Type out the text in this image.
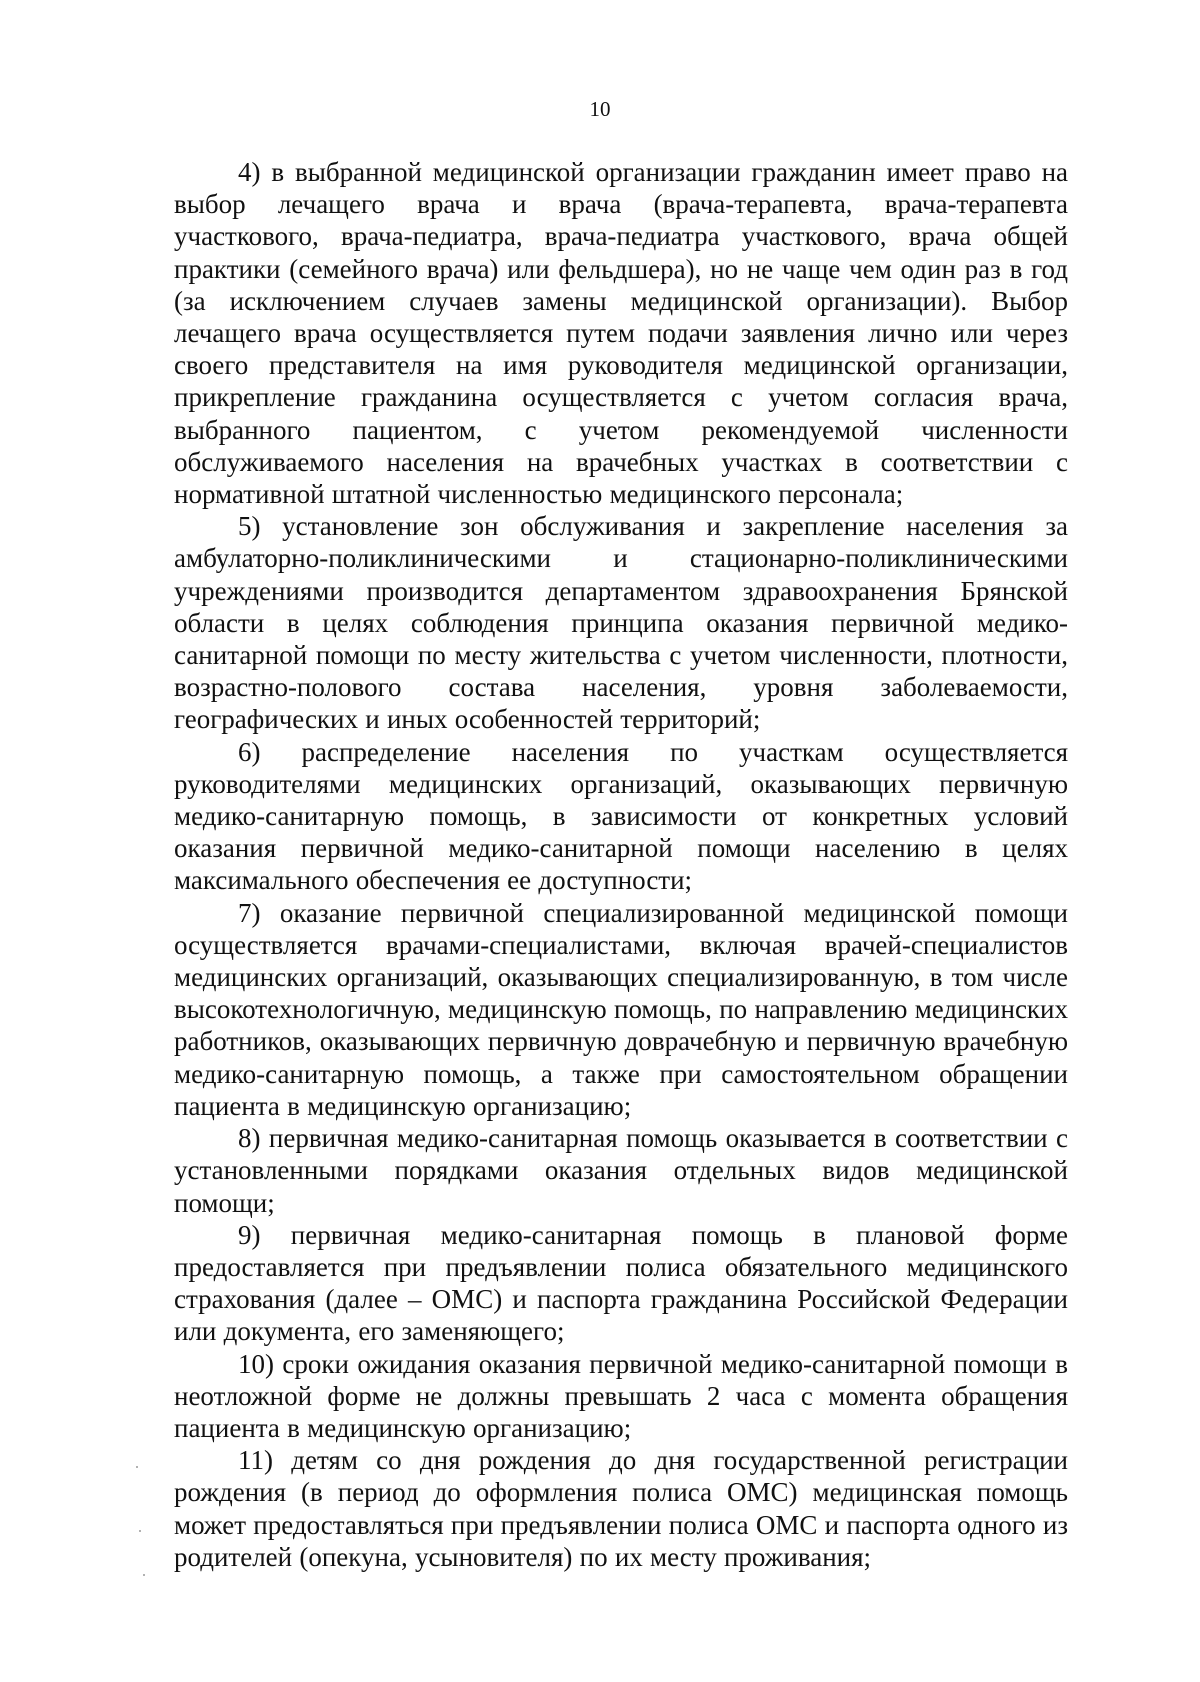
10

4) в выбранной медицинской организации гражданин имеет право на выбор лечащего врача и врача (врача-терапевта, врача-терапевта участкового, врача-педиатра, врача-педиатра участкового, врача общей практики (семейного врача) или фельдшера), но не чаще чем один раз в год (за исключением случаев замены медицинской организации). Выбор лечащего врача осуществляется путем подачи заявления лично или через своего представителя на имя руководителя медицинской организации, прикрепление гражданина осуществляется с учетом согласия врача, выбранного пациентом, с учетом рекомендуемой численности обслуживаемого населения на врачебных участках в соответствии с нормативной штатной численностью медицинского персонала;

5) установление зон обслуживания и закрепление населения за амбулаторно-поликлиническими и стационарно-поликлиническими учреждениями производится департаментом здравоохранения Брянской области в целях соблюдения принципа оказания первичной медико-санитарной помощи по месту жительства с учетом численности, плотности, возрастно-полового состава населения, уровня заболеваемости, географических и иных особенностей территорий;

6) распределение населения по участкам осуществляется руководителями медицинских организаций, оказывающих первичную медико-санитарную помощь, в зависимости от конкретных условий оказания первичной медико-санитарной помощи населению в целях максимального обеспечения ее доступности;

7) оказание первичной специализированной медицинской помощи осуществляется врачами-специалистами, включая врачей-специалистов медицинских организаций, оказывающих специализированную, в том числе высокотехнологичную, медицинскую помощь, по направлению медицинских работников, оказывающих первичную доврачебную и первичную врачебную медико-санитарную помощь, а также при самостоятельном обращении пациента в медицинскую организацию;

8) первичная медико-санитарная помощь оказывается в соответствии с установленными порядками оказания отдельных видов медицинской помощи;

9) первичная медико-санитарная помощь в плановой форме предоставляется при предъявлении полиса обязательного медицинского страхования (далее – ОМС) и паспорта гражданина Российской Федерации или документа, его заменяющего;

10) сроки ожидания оказания первичной медико-санитарной помощи в неотложной форме не должны превышать 2 часа с момента обращения пациента в медицинскую организацию;

11) детям со дня рождения до дня государственной регистрации рождения (в период до оформления полиса ОМС) медицинская помощь может предоставляться при предъявлении полиса ОМС и паспорта одного из родителей (опекуна, усыновителя) по их месту проживания;
